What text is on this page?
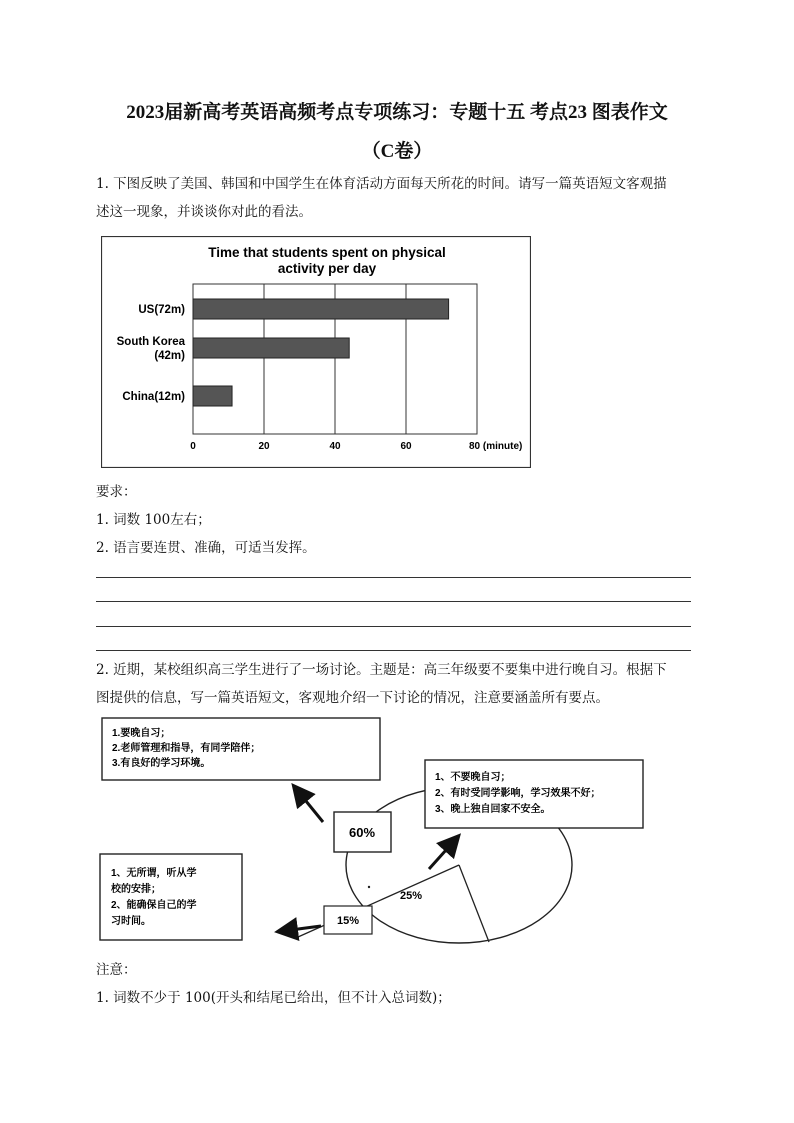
2023届新高考英语高频考点专项练习：专题十五 考点23 图表作文
（C卷）
1. 下图反映了美国、韩国和中国学生在体育活动方面每天所花的时间。请写一篇英语短文客观描
述这一现象，并谈谈你对此的看法。
Time that students spent on physical
activity per day
US(72m)
South Korea
(42m)
China(12m)
0	20	40	60	80 (minute)
要求：
1. 词数 100左右；
2. 语言要连贯、准确，可适当发挥。
2. 近期，某校组织高三学生进行了一场讨论。主题是：高三年级要不要集中进行晚自习。根据下
图提供的信息，写一篇英语短文，客观地介绍一下讨论的情况，注意要涵盖所有要点。
1.要晚自习；
2.老师管理和指导，有同学陪伴；
3.有良好的学习环境。
1、不要晚自习；
2、有时受同学影响，学习效果不好；
3、晚上独自回家不安全。
1、无所谓，听从学
校的安排；
2、能确保自己的学
习时间。
60%
25%
15%
注意：
1. 词数不少于 100(开头和结尾已给出，但不计入总词数)；
